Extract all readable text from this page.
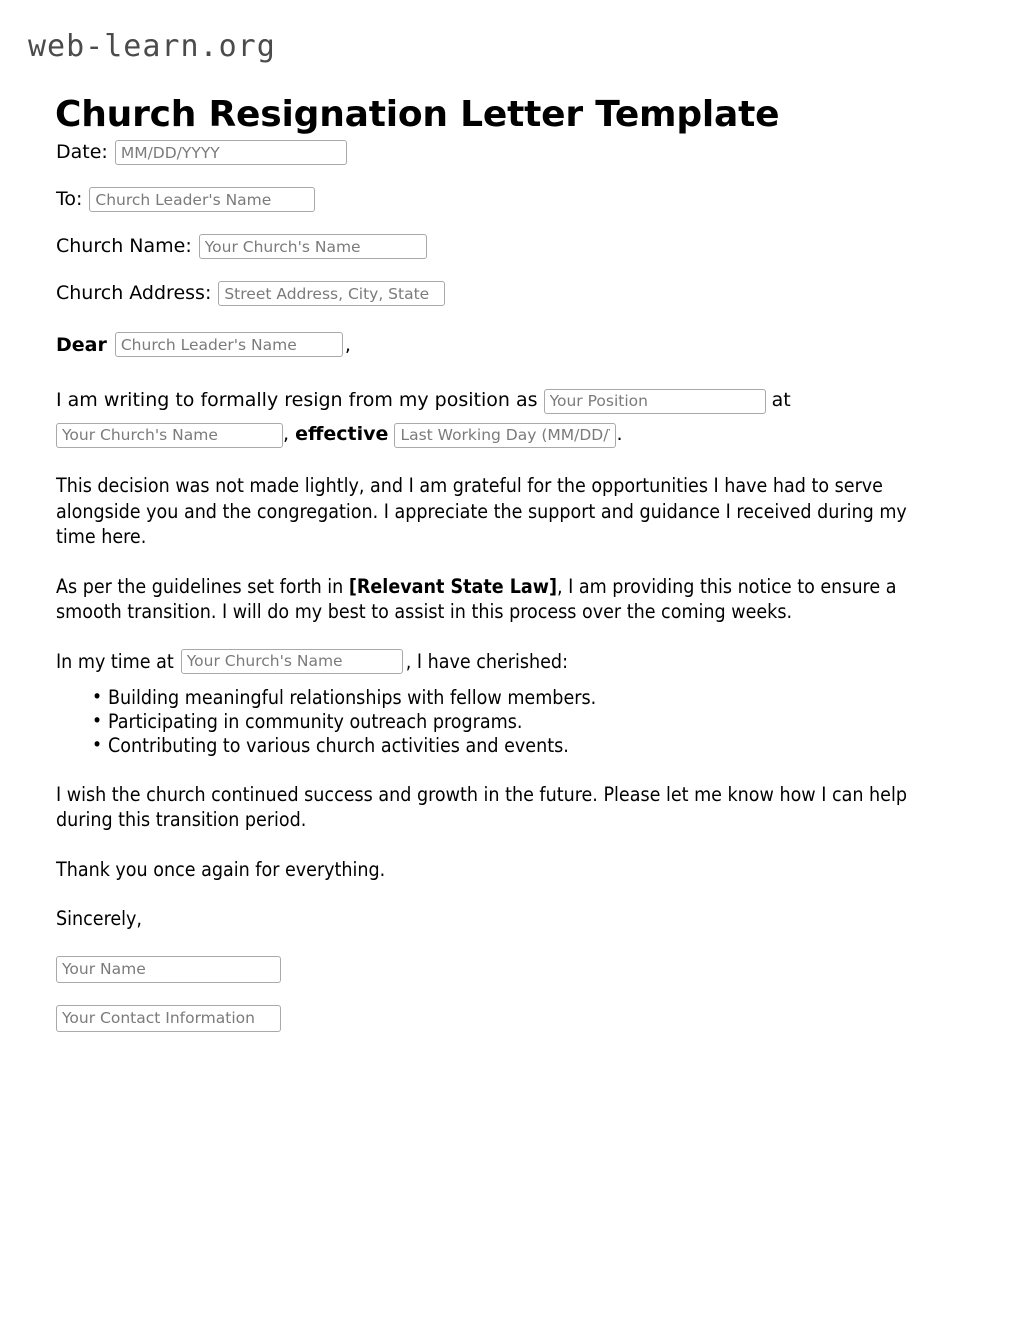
web-learn.org
Church Resignation Letter Template
Date:
MM/DD/YYYY
To:
Church Leader's Name
Church Name:
Your Church's Name
Church Address:
Street Address, City, State
Dear
Church Leader's Name	,

I am writing to formally resign from my position as Your Position	at
Your Church's Name, effective Last Working Day (MM/DD/YYYY)	.

This decision was not made lightly, and I am grateful for the opportunities I have had to serve alongside you and the congregation. I appreciate the support and guidance I received during my time here.

As per the guidelines set forth in [Relevant State Law], I am providing this notice to ensure a smooth transition. I will do my best to assist in this process over the coming weeks.

In my time at
Your Church's Name	, I have cherished:
• Building meaningful relationships with fellow members.
• Participating in community outreach programs.
• Contributing to various church activities and events.

I wish the church continued success and growth in the future. Please let me know how I can help during this transition period.

Thank you once again for everything.

Sincerely,

Your Name
Your Contact Information
